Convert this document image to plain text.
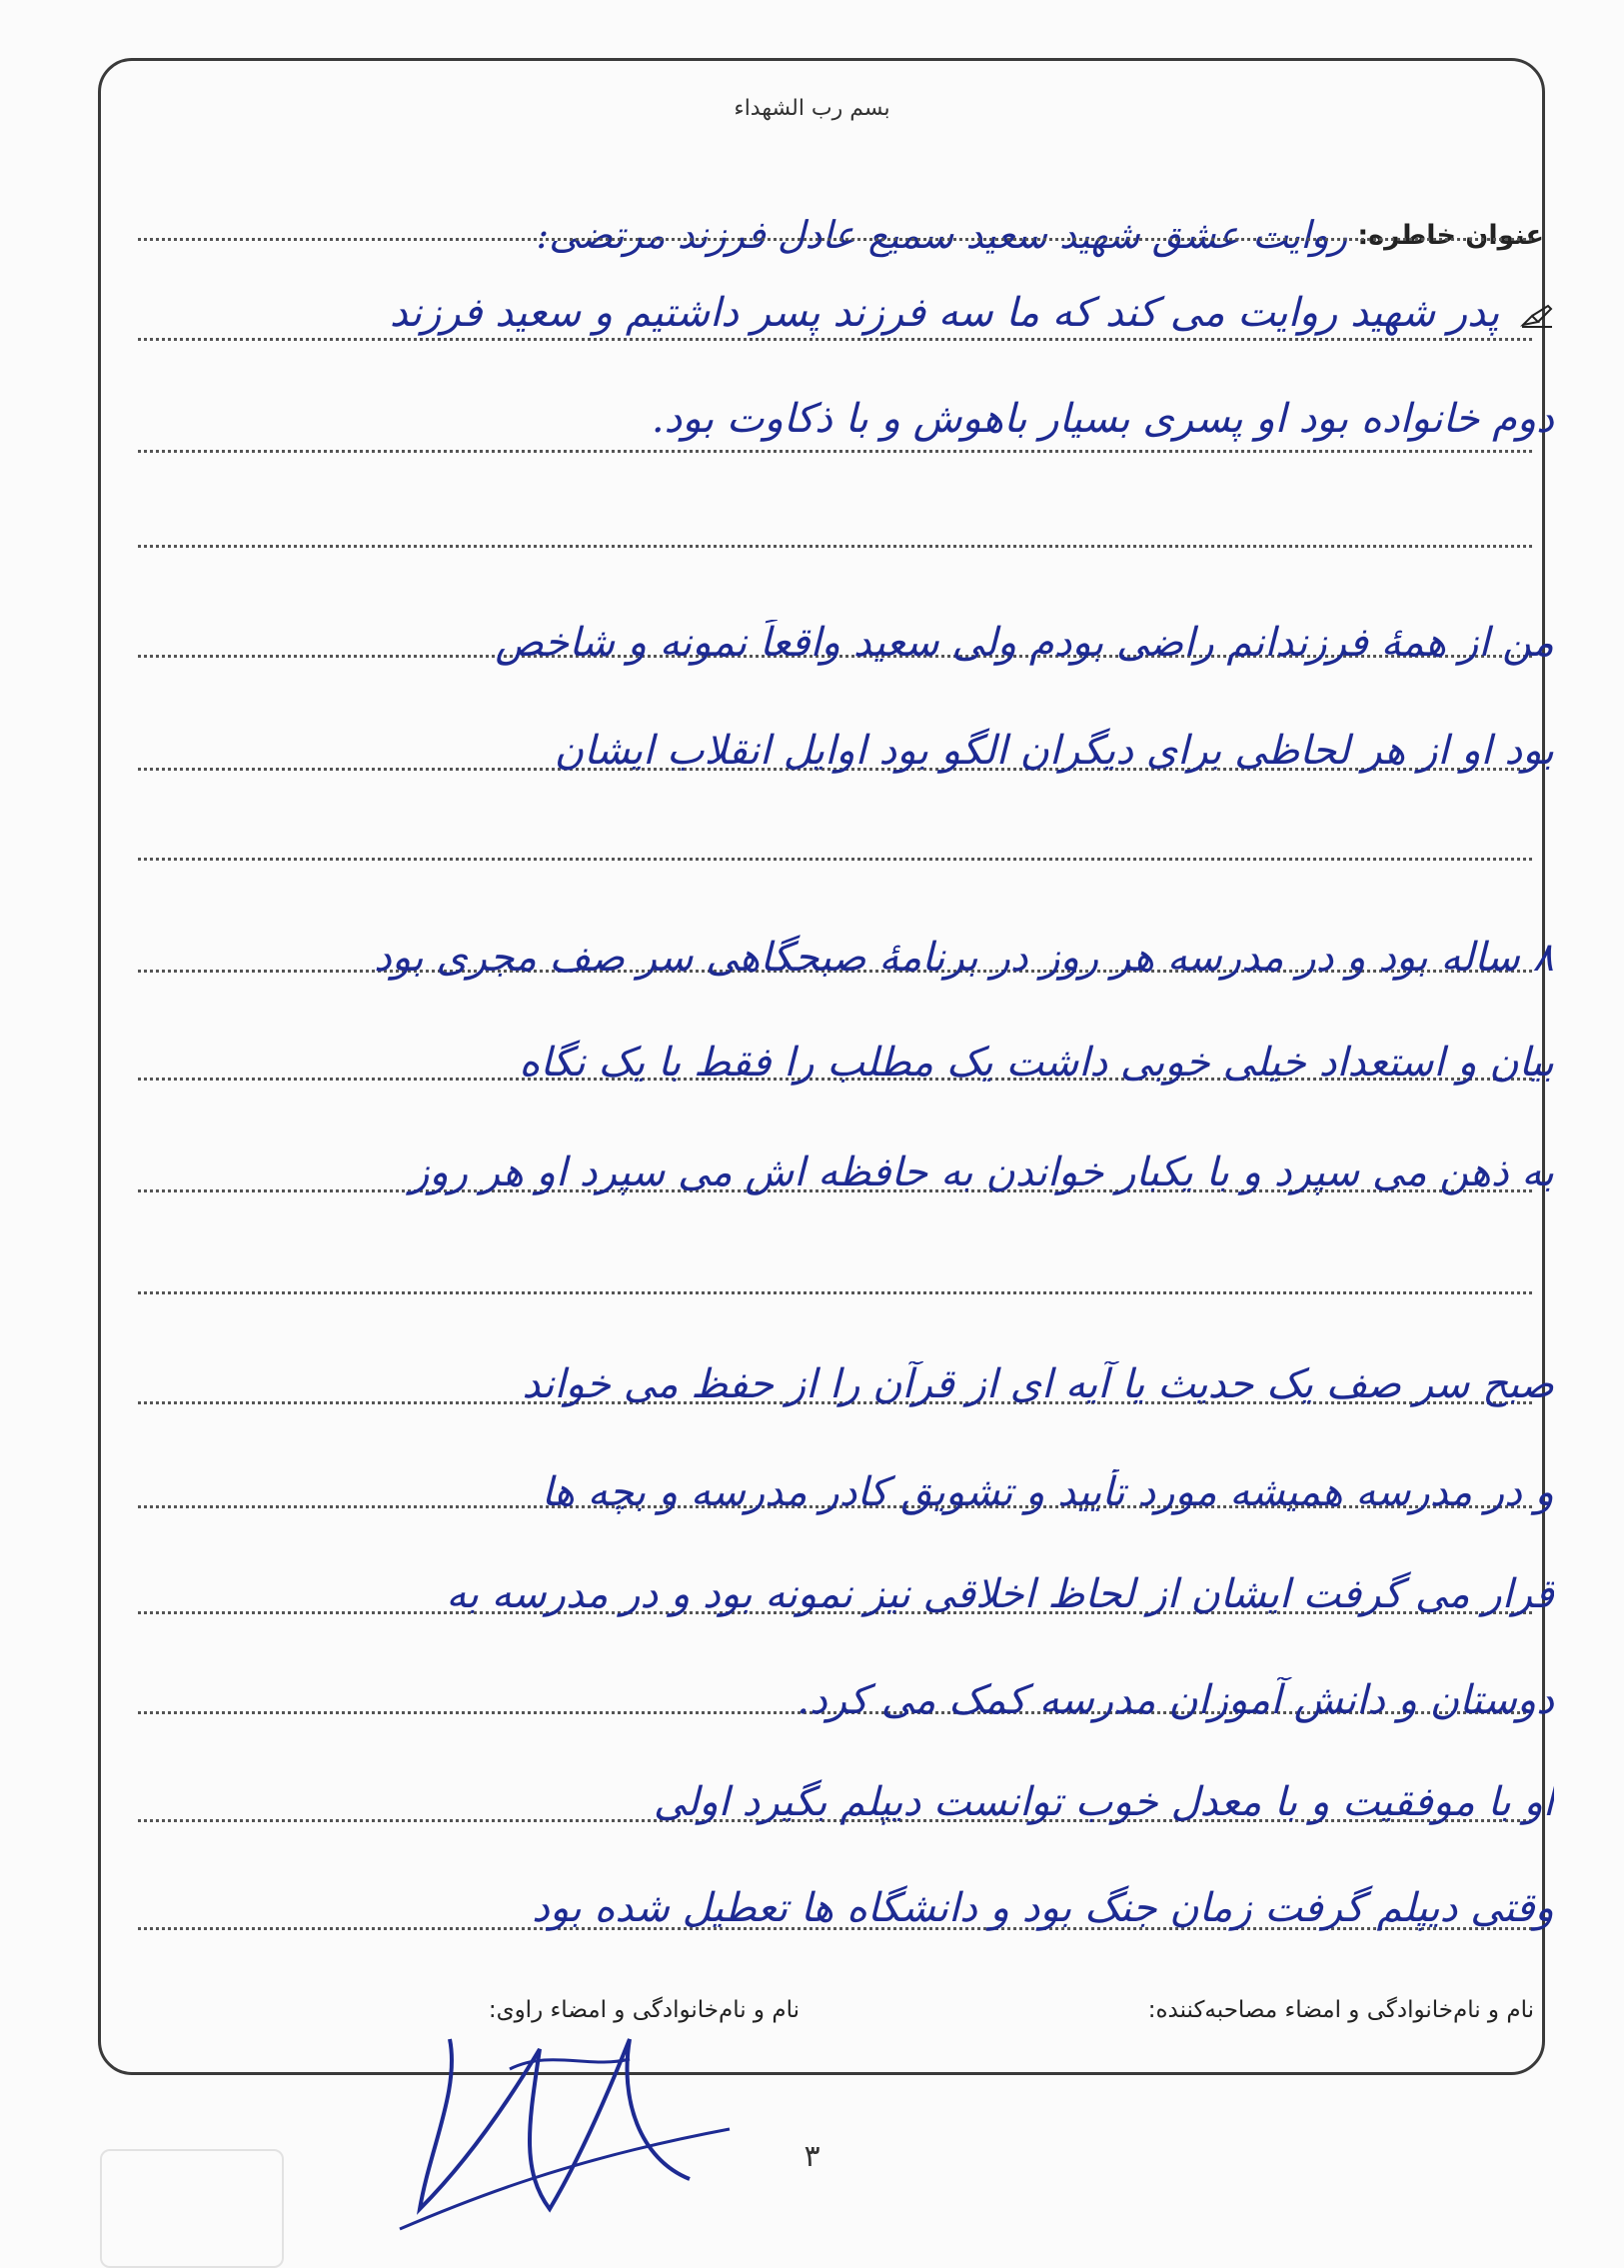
بسم رب الشهداء
عنوان خاطره:
روایت عشق شهید سعید سمیع عادل فرزند مرتضی:
پدر شهید روایت می کند که ما سه فرزند پسر داشتیم و سعید فرزند
دوم خانواده بود او پسری بسیار باهوش و با ذکاوت بود.
من از همهٔ فرزندانم راضی بودم ولی سعید واقعاً نمونه و شاخص
بود او از هر لحاظی برای دیگران الگو بود اوایل انقلاب ایشان
۸ ساله بود و در مدرسه هر روز در برنامهٔ صبحگاهی سر صف مجری بود
بیان و استعداد خیلی خوبی داشت یک مطلب را فقط با یک نگاه
به ذهن می سپرد و با یکبار خواندن به حافظه اش می سپرد او هر روز
صبح سر صف یک حدیث یا آیه ای از قرآن را از حفظ می خواند
و در مدرسه همیشه مورد تأیید و تشویق کادر مدرسه و بچه ها
قرار می گرفت ایشان از لحاظ اخلاقی نیز نمونه بود و در مدرسه به
دوستان و دانش آموزان مدرسه کمک می کرد.
او با موفقیت و با معدل خوب توانست دیپلم بگیرد اولی
وقتی دیپلم گرفت زمان جنگ بود و دانشگاه ها تعطیل شده بود
نام و نام‌خانوادگی و امضاء مصاحبه‌کننده:
نام و نام‌خانوادگی و امضاء راوی:
۳
